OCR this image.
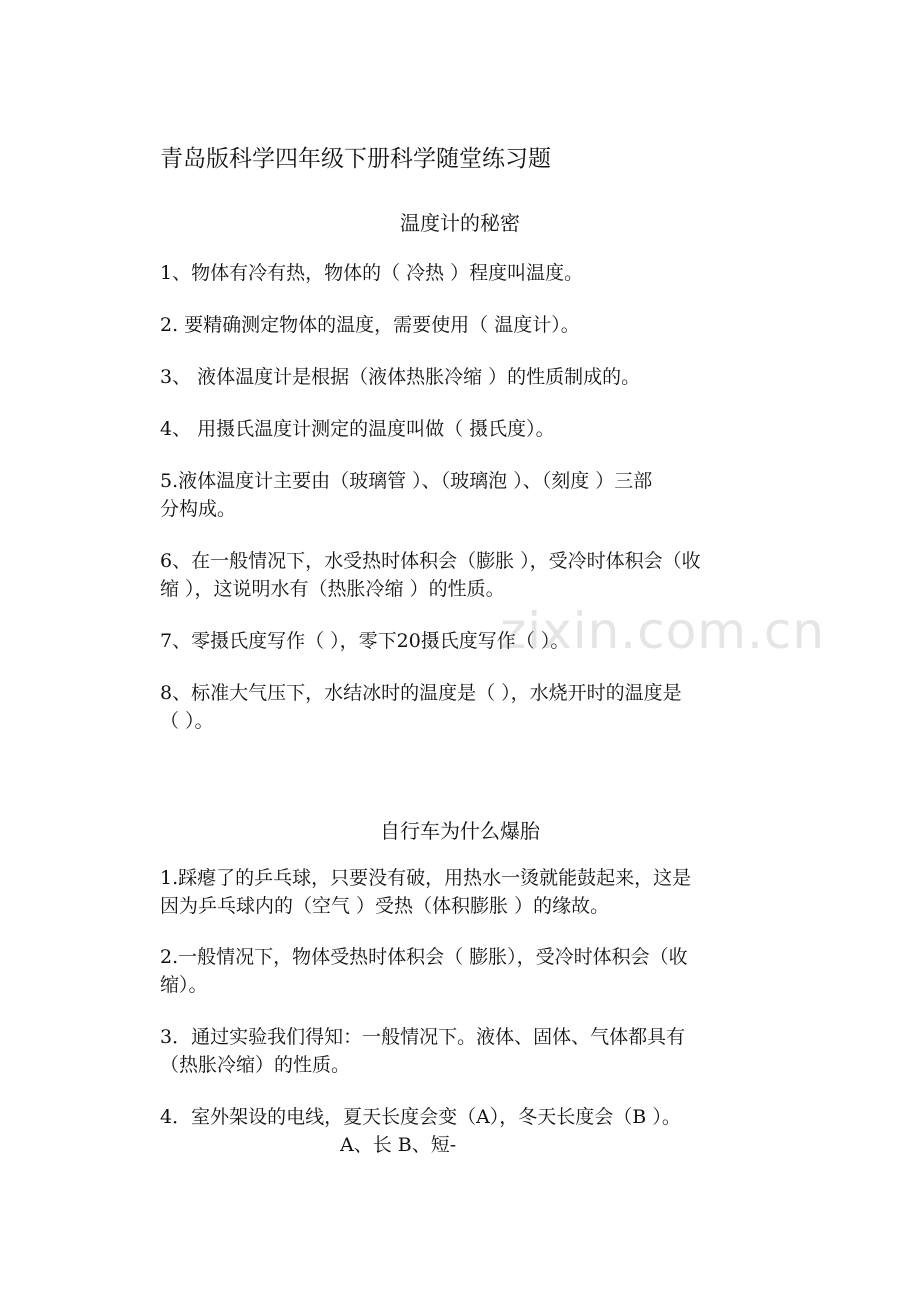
zixin.com.cn
青岛版科学四年级下册科学随堂练习题
温度计的秘密
1、物体有冷有热，物体的（ 冷热 ）程度叫温度。
2. 要精确测定物体的温度，需要使用（ 温度计）。
3、 液体温度计是根据（液体热胀冷缩 ）的性质制成的。
4、 用摄氏温度计测定的温度叫做（ 摄氏度）。
5.液体温度计主要由（玻璃管 ）、（玻璃泡 ）、（刻度 ）三部
分构成。
6、在一般情况下，水受热时体积会（膨胀 ），受冷时体积会（收
缩 ），这说明水有（热胀冷缩 ）的性质。
7、零摄氏度写作（ ），零下20摄氏度写作（ ）。
8、标准大气压下，水结冰时的温度是（ ），水烧开时的温度是
（ ）。
自行车为什么爆胎
1.踩瘪了的乒乓球，只要没有破，用热水一烫就能鼓起来，这是
因为乒乓球内的（空气 ）受热（体积膨胀 ）的缘故。
2.一般情况下，物体受热时体积会（ 膨胀），受冷时体积会（收
缩）。
3．通过实验我们得知：一般情况下。液体、固体、气体都具有
（热胀冷缩）的性质。
4．室外架设的电线，夏天长度会变（A），冬天长度会（B ）。
A、长 B、短-
